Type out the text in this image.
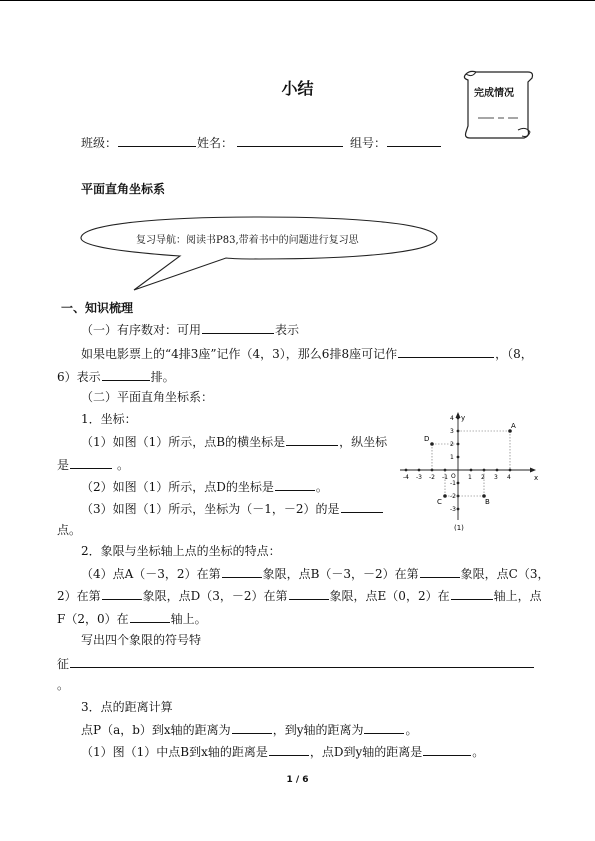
小结	完成情况
班级：	姓名：	组号：
平面直角坐标系
复习导航：阅读书P83,带着书中的问题进行复习思
一、知识梳理
（一）有序数对：可用	表示
如果电影票上的“4排3座”记作（4，3），那么6排8座可记作	，（8，
6）表示	排。
（二）平面直角坐标系：
1．坐标：
（1）如图（1）所示，点B的横坐标是	，纵坐标
是	。
（2）如图（1）所示，点D的坐标是	。
（3）如图（1）所示，坐标为（－1，－2）的是
点。
x
y
O
-4 -3 -2 -1	1 2 3 4
4
3
2
1
-1
-2
-3
A
B
C
D
(1)
2．象限与坐标轴上点的坐标的特点：
（4）点A（－3，2）在第	象限，点B（－3，－2）在第	象限，点C（3，
2）在第	象限，点D（3，－2）在第	象限，点E（0，2）在	轴上，点
F（2，0）在	轴上。
写出四个象限的符号特
征
。
3．点的距离计算
点P（a，b）到x轴的距离为	，到y轴的距离为	。
（1）图（1）中点B到x轴的距离是	，点D到y轴的距离是	。
1 / 6
